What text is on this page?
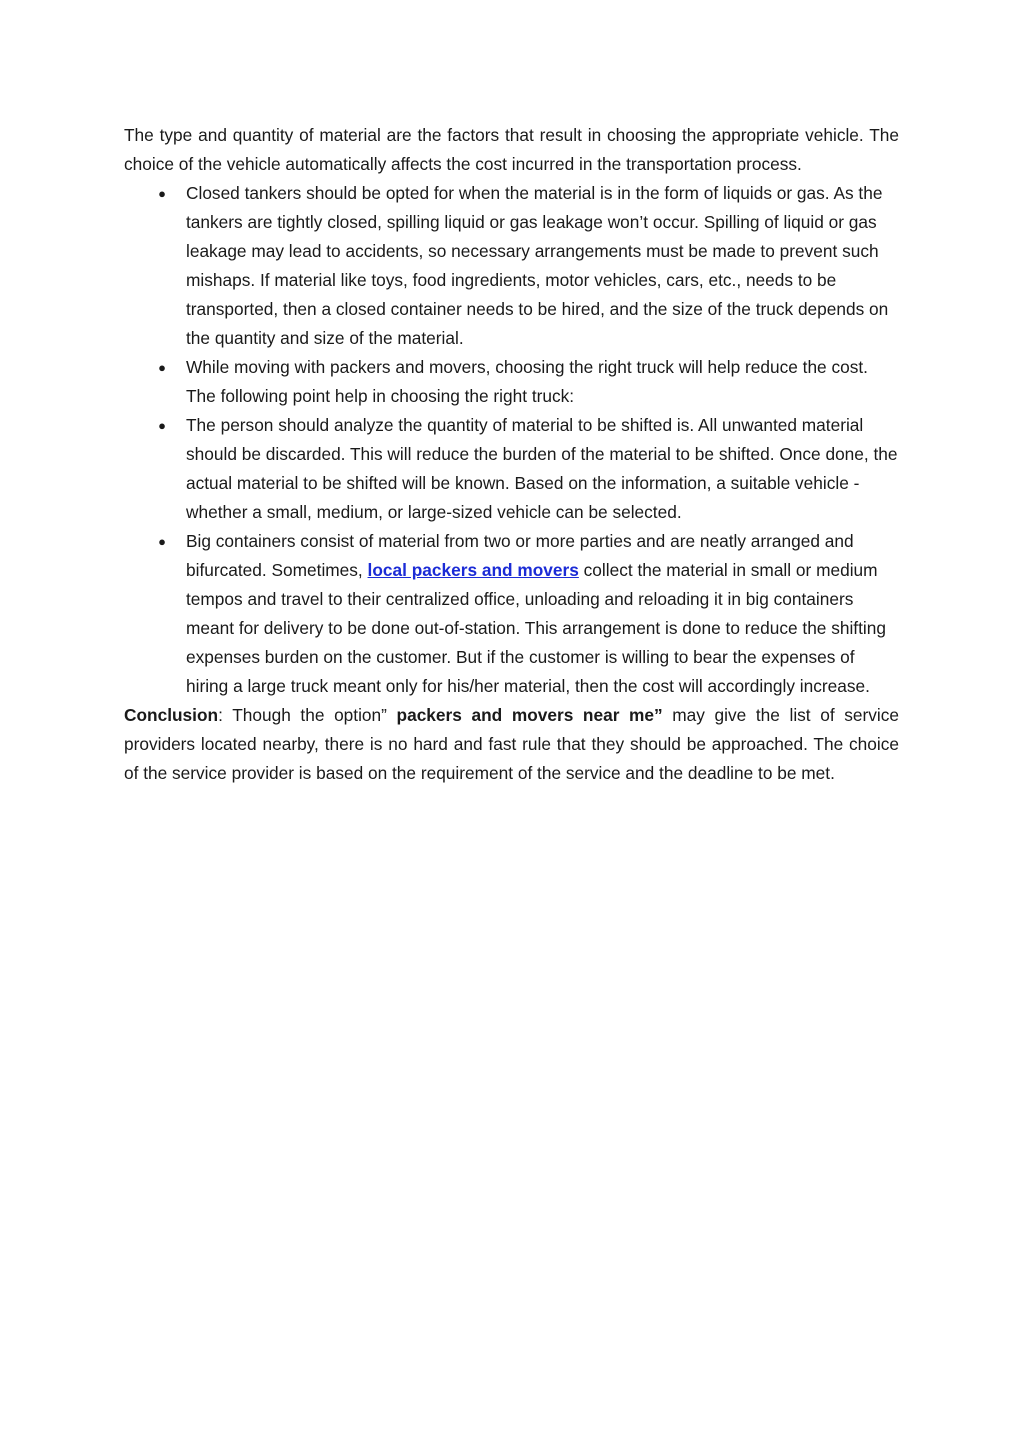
The type and quantity of material are the factors that result in choosing the appropriate vehicle. The choice of the vehicle automatically affects the cost incurred in the transportation process.

● Closed tankers should be opted for when the material is in the form of liquids or gas. As the tankers are tightly closed, spilling liquid or gas leakage won’t occur. Spilling of liquid or gas leakage may lead to accidents, so necessary arrangements must be made to prevent such mishaps. If material like toys, food ingredients, motor vehicles, cars, etc., needs to be transported, then a closed container needs to be hired, and the size of the truck depends on the quantity and size of the material.
● While moving with packers and movers, choosing the right truck will help reduce the cost. The following point help in choosing the right truck:
● The person should analyze the quantity of material to be shifted is. All unwanted material should be discarded. This will reduce the burden of the material to be shifted. Once done, the actual material to be shifted will be known. Based on the information, a suitable vehicle -whether a small, medium, or large-sized vehicle can be selected.
● Big containers consist of material from two or more parties and are neatly arranged and bifurcated. Sometimes, local packers and movers collect the material in small or medium tempos and travel to their centralized office, unloading and reloading it in big containers meant for delivery to be done out-of-station. This arrangement is done to reduce the shifting expenses burden on the customer. But if the customer is willing to bear the expenses of hiring a large truck meant only for his/her material, then the cost will accordingly increase.

Conclusion: Though the option” packers and movers near me” may give the list of service providers located nearby, there is no hard and fast rule that they should be approached. The choice of the service provider is based on the requirement of the service and the deadline to be met.
